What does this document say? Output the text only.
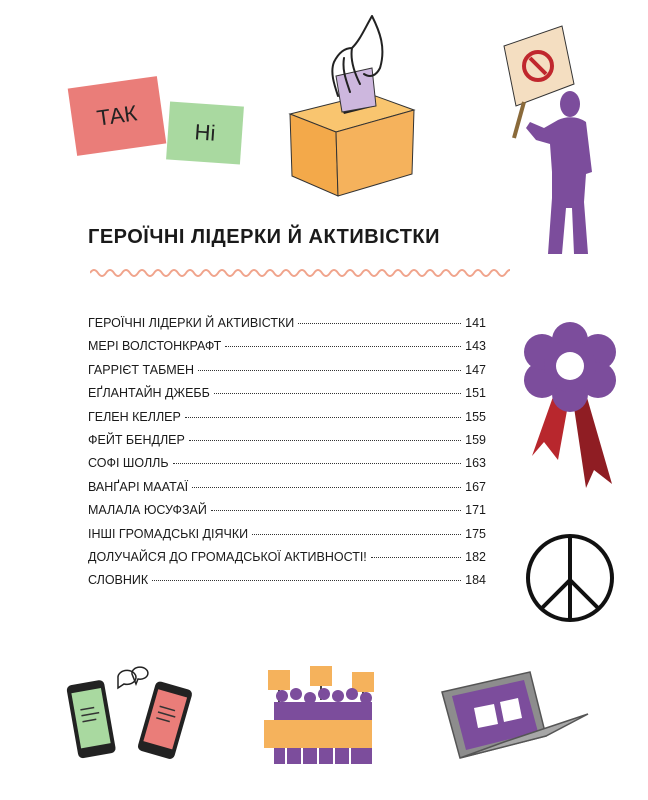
ТАК
Ні
ГЕРОЇЧНІ ЛІДЕРКИ Й АКТИВІСТКИ
ГЕРОЇЧНІ ЛІДЕРКИ Й АКТИВІСТКИ	141
МЕРІ ВОЛСТОНКРАФТ	143
ГАРРІЄТ ТАБМЕН	147
ЕҐЛАНТАЙН ДЖЕББ	151
ГЕЛЕН КЕЛЛЕР	155
ФЕЙТ БЕНДЛЕР	159
СОФІ ШОЛЛЬ	163
ВАНҐАРІ МААТАЇ	167
МАЛАЛА ЮСУФЗАЙ	171
ІНШІ ГРОМАДСЬКІ ДІЯЧКИ	175
ДОЛУЧАЙСЯ ДО ГРОМАДСЬКОЇ АКТИВНОСТІ!	182
СЛОВНИК	184
